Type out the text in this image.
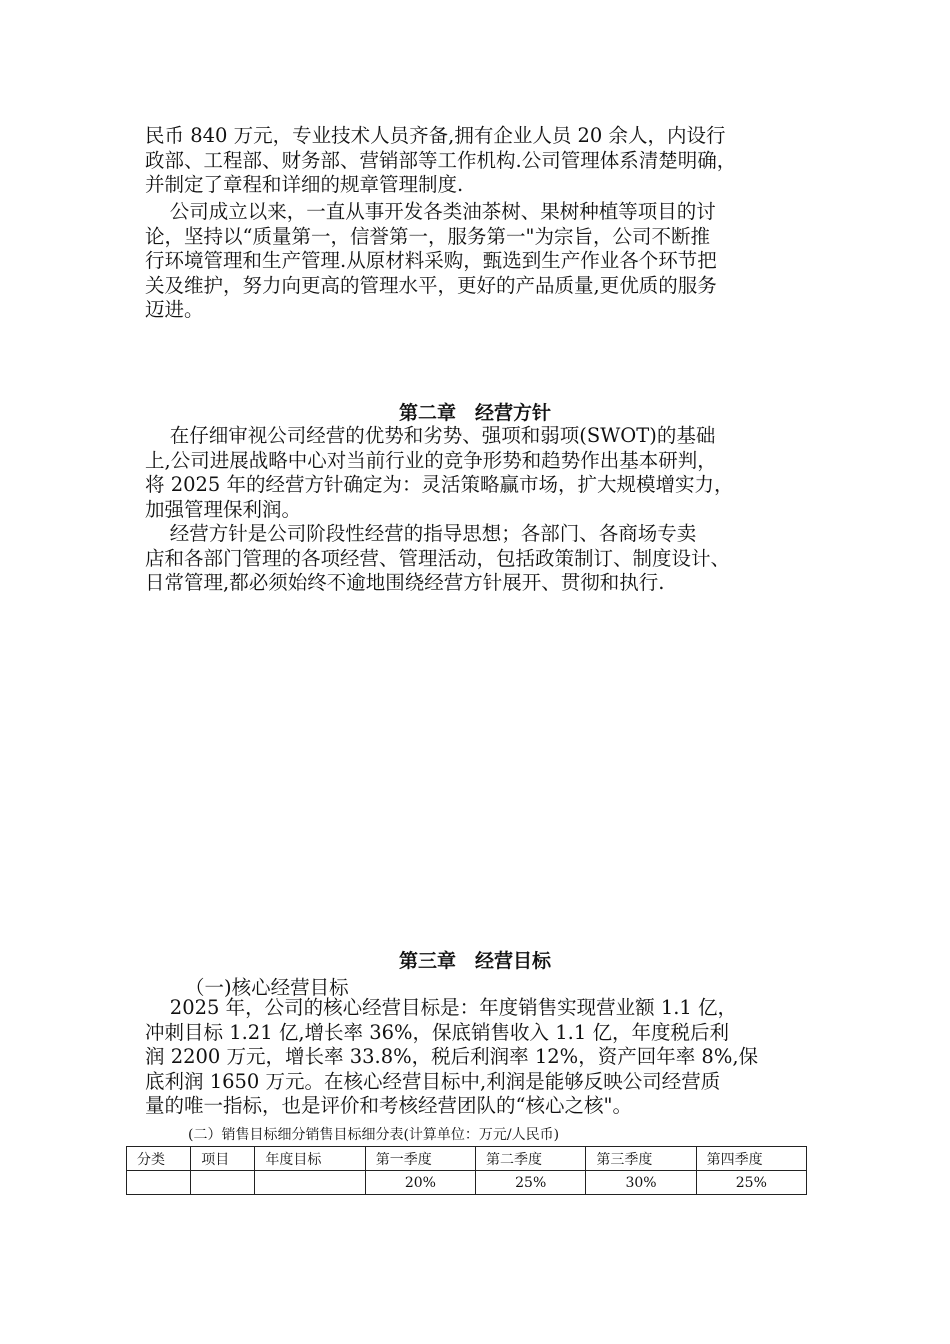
民币 840 万元，专业技术人员齐备,拥有企业人员 20 余人，内设行
政部、工程部、财务部、营销部等工作机构.公司管理体系清楚明确，
并制定了章程和详细的规章管理制度.
公司成立以来，一直从事开发各类油茶树、果树种植等项目的讨
论，坚持以“质量第一，信誉第一，服务第一"为宗旨，公司不断推
行环境管理和生产管理.从原材料采购，甄选到生产作业各个环节把
关及维护，努力向更高的管理水平，更好的产品质量,更优质的服务
迈进。
第二章　经营方针
在仔细审视公司经营的优势和劣势、强项和弱项(SWOT)的基础
上,公司进展战略中心对当前行业的竞争形势和趋势作出基本研判，
将 2025 年的经营方针确定为：灵活策略赢市场，扩大规模增实力，
加强管理保利润。
经营方针是公司阶段性经营的指导思想；各部门、各商场专卖
店和各部门管理的各项经营、管理活动，包括政策制订、制度设计、
日常管理,都必须始终不逾地围绕经营方针展开、贯彻和执行.
第三章　经营目标
（一)核心经营目标
2025 年，公司的核心经营目标是：年度销售实现营业额 1.1 亿，
冲刺目标 1.21 亿,增长率 36%，保底销售收入 1.1 亿，年度税后利
润 2200 万元，增长率 33.8%，税后利润率 12%，资产回年率 8%,保
底利润 1650 万元。在核心经营目标中,利润是能够反映公司经营质
量的唯一指标，也是评价和考核经营团队的“核心之核"。
(二）销售目标细分销售目标细分表(计算单位：万元/人民币)
分类	项目	年度目标	第一季度	第二季度	第三季度	第四季度
			20%	25%	30%	25%
